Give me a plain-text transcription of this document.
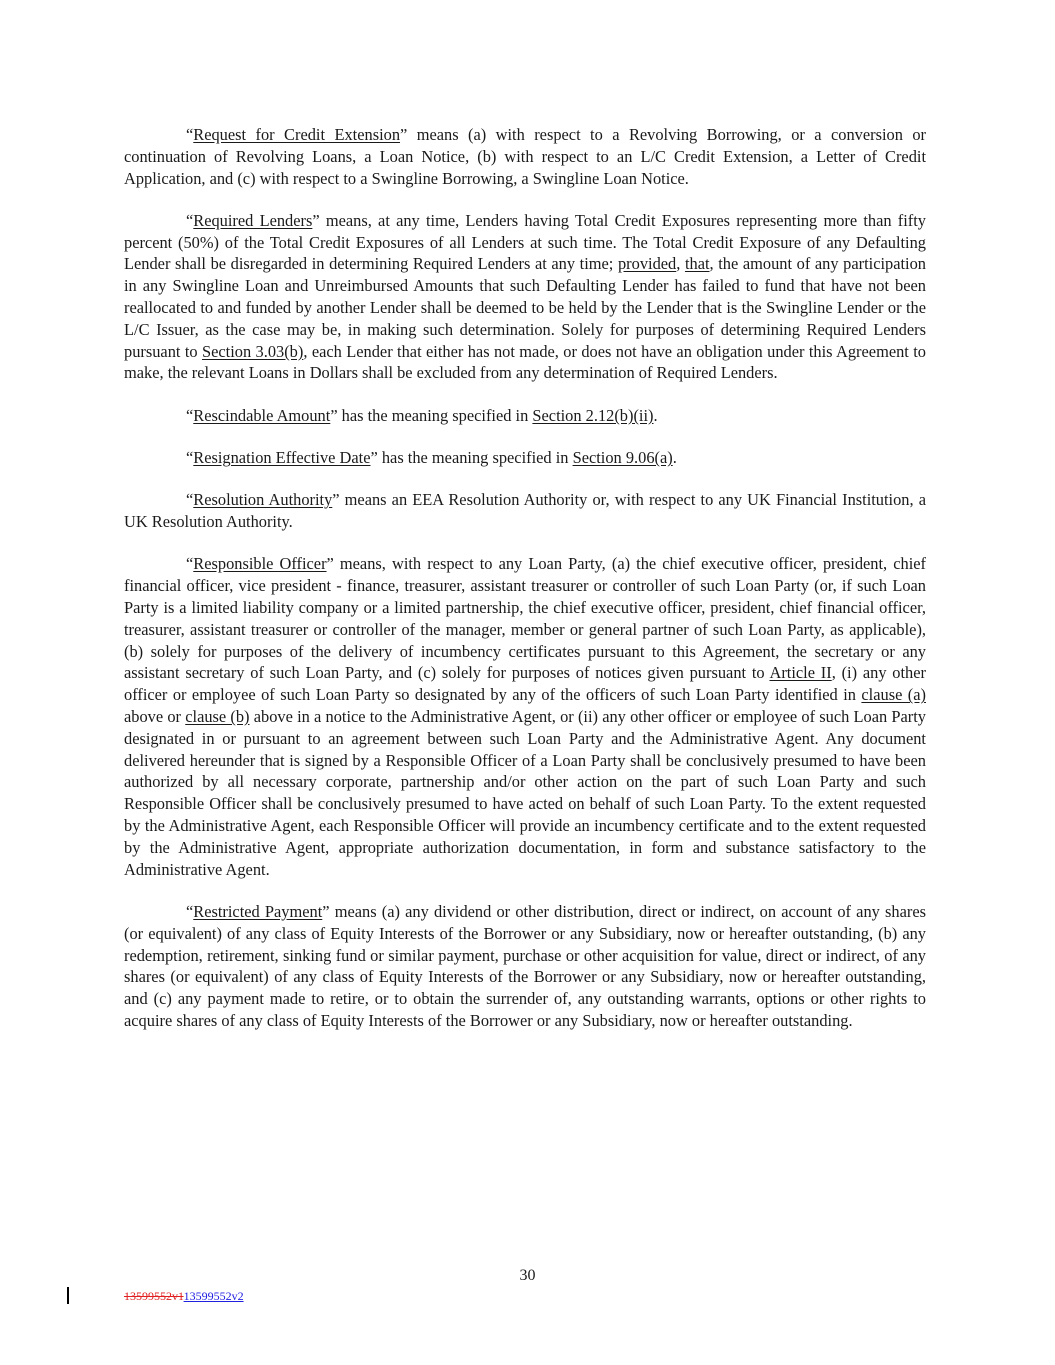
“Request for Credit Extension” means (a) with respect to a Revolving Borrowing, or a conversion or continuation of Revolving Loans, a Loan Notice, (b) with respect to an L/C Credit Extension, a Letter of Credit Application, and (c) with respect to a Swingline Borrowing, a Swingline Loan Notice.

“Required Lenders” means, at any time, Lenders having Total Credit Exposures representing more than fifty percent (50%) of the Total Credit Exposures of all Lenders at such time. The Total Credit Exposure of any Defaulting Lender shall be disregarded in determining Required Lenders at any time; provided, that, the amount of any participation in any Swingline Loan and Unreimbursed Amounts that such Defaulting Lender has failed to fund that have not been reallocated to and funded by another Lender shall be deemed to be held by the Lender that is the Swingline Lender or the L/C Issuer, as the case may be, in making such determination. Solely for purposes of determining Required Lenders pursuant to Section 3.03(b), each Lender that either has not made, or does not have an obligation under this Agreement to make, the relevant Loans in Dollars shall be excluded from any determination of Required Lenders.

“Rescindable Amount” has the meaning specified in Section 2.12(b)(ii).

“Resignation Effective Date” has the meaning specified in Section 9.06(a).

“Resolution Authority” means an EEA Resolution Authority or, with respect to any UK Financial Institution, a UK Resolution Authority.

“Responsible Officer” means, with respect to any Loan Party, (a) the chief executive officer, president, chief financial officer, vice president - finance, treasurer, assistant treasurer or controller of such Loan Party (or, if such Loan Party is a limited liability company or a limited partnership, the chief executive officer, president, chief financial officer, treasurer, assistant treasurer or controller of the manager, member or general partner of such Loan Party, as applicable), (b) solely for purposes of the delivery of incumbency certificates pursuant to this Agreement, the secretary or any assistant secretary of such Loan Party, and (c) solely for purposes of notices given pursuant to Article II, (i) any other officer or employee of such Loan Party so designated by any of the officers of such Loan Party identified in clause (a) above or clause (b) above in a notice to the Administrative Agent, or (ii) any other officer or employee of such Loan Party designated in or pursuant to an agreement between such Loan Party and the Administrative Agent. Any document delivered hereunder that is signed by a Responsible Officer of a Loan Party shall be conclusively presumed to have been authorized by all necessary corporate, partnership and/or other action on the part of such Loan Party and such Responsible Officer shall be conclusively presumed to have acted on behalf of such Loan Party. To the extent requested by the Administrative Agent, each Responsible Officer will provide an incumbency certificate and to the extent requested by the Administrative Agent, appropriate authorization documentation, in form and substance satisfactory to the Administrative Agent.

“Restricted Payment” means (a) any dividend or other distribution, direct or indirect, on account of any shares (or equivalent) of any class of Equity Interests of the Borrower or any Subsidiary, now or hereafter outstanding, (b) any redemption, retirement, sinking fund or similar payment, purchase or other acquisition for value, direct or indirect, of any shares (or equivalent) of any class of Equity Interests of the Borrower or any Subsidiary, now or hereafter outstanding, and (c) any payment made to retire, or to obtain the surrender of, any outstanding warrants, options or other rights to acquire shares of any class of Equity Interests of the Borrower or any Subsidiary, now or hereafter outstanding.

30
13599552v113599552v2
